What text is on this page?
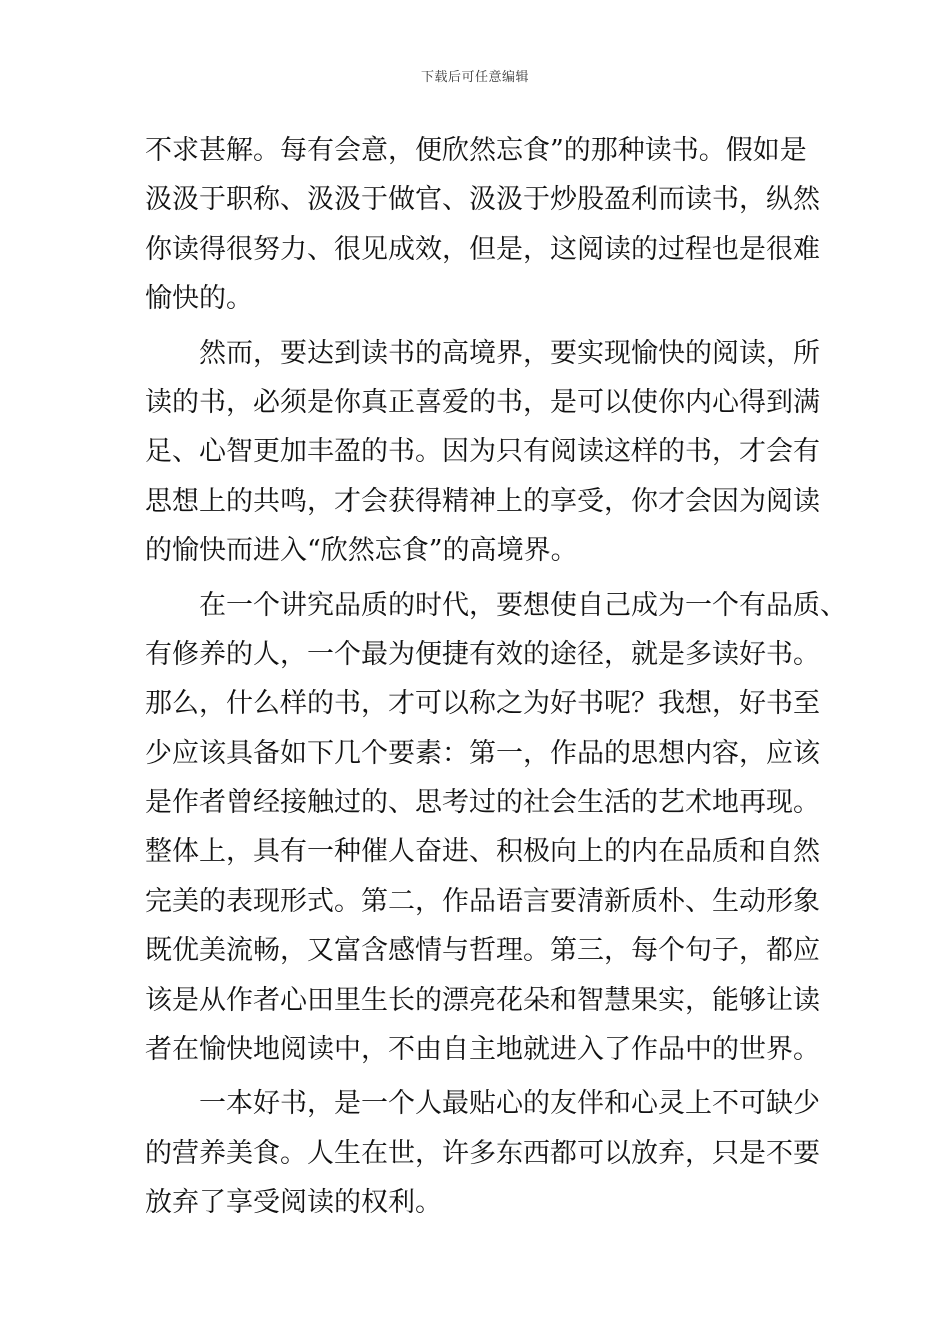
下载后可任意编辑
不求甚解。每有会意，便欣然忘食”的那种读书。假如是
汲汲于职称、汲汲于做官、汲汲于炒股盈利而读书，纵然
你读得很努力、很见成效，但是，这阅读的过程也是很难
愉快的。
　　然而，要达到读书的高境界，要实现愉快的阅读，所
读的书，必须是你真正喜爱的书，是可以使你内心得到满
足、心智更加丰盈的书。因为只有阅读这样的书，才会有
思想上的共鸣，才会获得精神上的享受，你才会因为阅读
的愉快而进入“欣然忘食”的高境界。
　　在一个讲究品质的时代，要想使自己成为一个有品质、
有修养的人，一个最为便捷有效的途径，就是多读好书。
那么，什么样的书，才可以称之为好书呢？我想，好书至
少应该具备如下几个要素：第一，作品的思想内容，应该
是作者曾经接触过的、思考过的社会生活的艺术地再现。
整体上，具有一种催人奋进、积极向上的内在品质和自然
完美的表现形式。第二，作品语言要清新质朴、生动形象
既优美流畅，又富含感情与哲理。第三，每个句子，都应
该是从作者心田里生长的漂亮花朵和智慧果实，能够让读
者在愉快地阅读中，不由自主地就进入了作品中的世界。
　　一本好书，是一个人最贴心的友伴和心灵上不可缺少
的营养美食。人生在世，许多东西都可以放弃，只是不要
放弃了享受阅读的权利。
